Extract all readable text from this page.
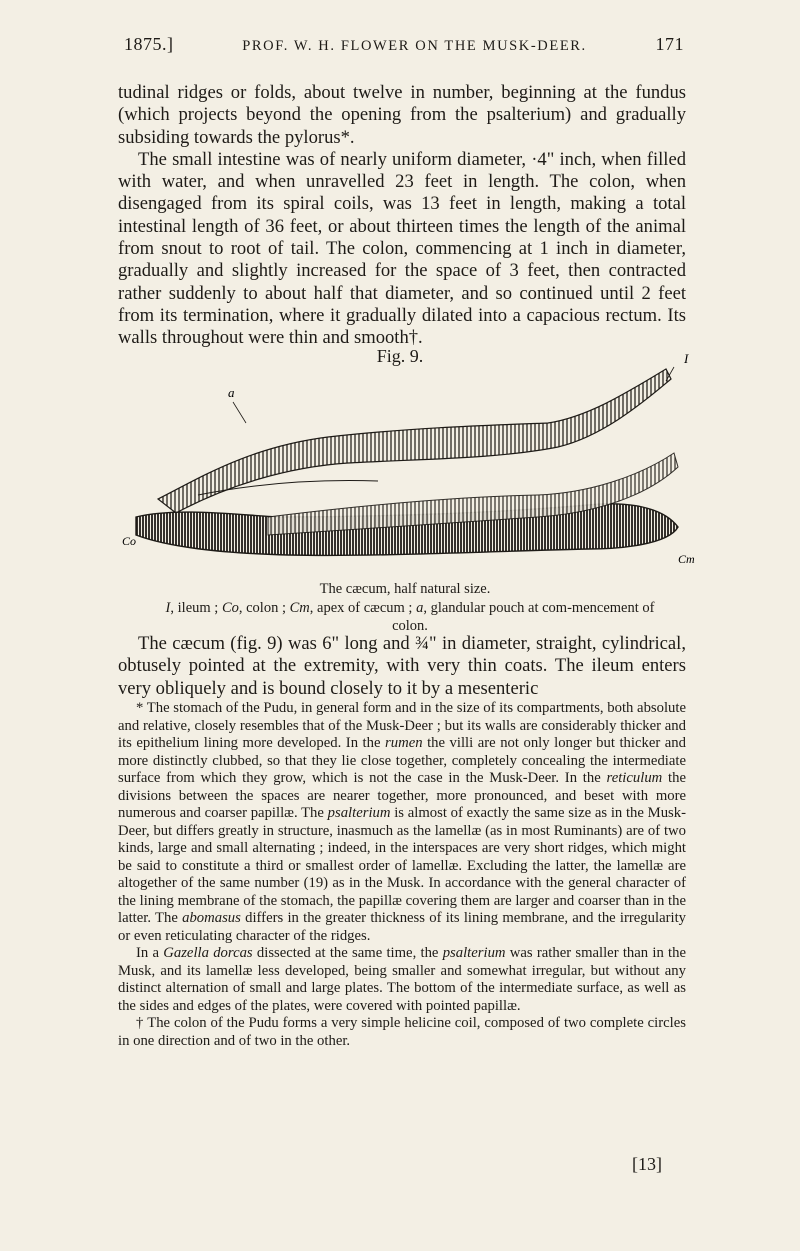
1875.]	PROF. W. H. FLOWER ON THE MUSK-DEER.	171

tudinal ridges or folds, about twelve in number, beginning at the fundus (which projects beyond the opening from the psalterium) and gradually subsiding towards the pylorus*.

The small intestine was of nearly uniform diameter, ·4" inch, when filled with water, and when unravelled 23 feet in length. The colon, when disengaged from its spiral coils, was 13 feet in length, making a total intestinal length of 36 feet, or about thirteen times the length of the animal from snout to root of tail. The colon, commencing at 1 inch in diameter, gradually and slightly increased for the space of 3 feet, then contracted rather suddenly to about half that diameter, and so continued until 2 feet from its termination, where it gradually dilated into a capacious rectum. Its walls throughout were thin and smooth†.

Fig. 9.
a
I
Co
Cm
The cæcum, half natural size.
I, ileum ; Co, colon ; Cm, apex of cæcum ; a, glandular pouch at com-mencement of colon.

The cæcum (fig. 9) was 6" long and ¾" in diameter, straight, cylindrical, obtusely pointed at the extremity, with very thin coats. The ileum enters very obliquely and is bound closely to it by a mesenteric

* The stomach of the Pudu, in general form and in the size of its compartments, both absolute and relative, closely resembles that of the Musk-Deer ; but its walls are considerably thicker and its epithelium lining more developed. In the rumen the villi are not only longer but thicker and more distinctly clubbed, so that they lie close together, completely concealing the intermediate surface from which they grow, which is not the case in the Musk-Deer. In the reticulum the divisions between the spaces are nearer together, more pronounced, and beset with more numerous and coarser papillæ. The psalterium is almost of exactly the same size as in the Musk-Deer, but differs greatly in structure, inasmuch as the lamellæ (as in most Ruminants) are of two kinds, large and small alternating ; indeed, in the interspaces are very short ridges, which might be said to constitute a third or smallest order of lamellæ. Excluding the latter, the lamellæ are altogether of the same number (19) as in the Musk. In accordance with the general character of the lining membrane of the stomach, the papillæ covering them are larger and coarser than in the latter. The abomasus differs in the greater thickness of its lining membrane, and the irregularity or even reticulating character of the ridges.

In a Gazella dorcas dissected at the same time, the psalterium was rather smaller than in the Musk, and its lamellæ less developed, being smaller and somewhat irregular, but without any distinct alternation of small and large plates. The bottom of the intermediate surface, as well as the sides and edges of the plates, were covered with pointed papillæ.

† The colon of the Pudu forms a very simple helicine coil, composed of two complete circles in one direction and of two in the other.

[13]
